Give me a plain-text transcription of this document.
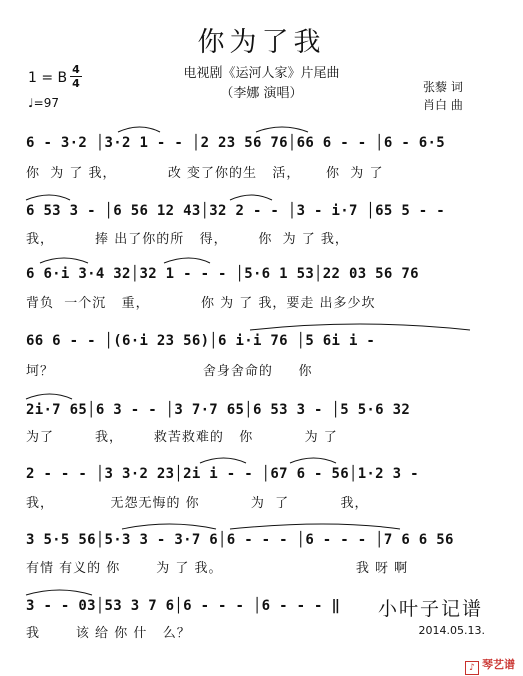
你为了我
电视剧《运河人家》片尾曲
（李娜 演唱）
1 = B
4
4
♩=97
张藜 词
肖白 曲
6 - 3·2 │3·2 1 - - │2 23 56 76│66 6 - - │6 - 6·5
你  为 了 我，          改 变了你的生   活，     你  为 了
6 53 3 - │6 56 12 43│32 2 - - │3 - i·7 │65 5 - -
我，        捧 出了你的所   得，      你  为 了 我，
6 6·i 3·4 32│32 1 - - - │5·6 1 53│22 03 56 76
背负  一个沉   重，          你 为 了 我，要走 出多少坎
66 6 - - │(6·i 23 56)│6 i·i 76 │5 6i i -
坷？                             舍身舍命的     你
2i·7 65│6 3 - - │3 7·7 65│6 53 3 - │5 5·6 32
为了        我，      救苦救难的   你          为 了
2 - - - │3 3·2 23│2i i - - │67 6 - 56│1·2 3 -
我，           无怨无悔的 你          为  了          我，
3 5·5 56│5·3 3 - 3·7 6│6 - - - │6 - - - │7 6 6 56
有情 有义的 你       为 了 我。                          我 呀 啊
3 - - 03│53 3 7 6│6 - - - │6 - - - ‖
我       该 给 你 什   么？
小叶子记谱
2014.05.13.
♪ 琴艺谱
